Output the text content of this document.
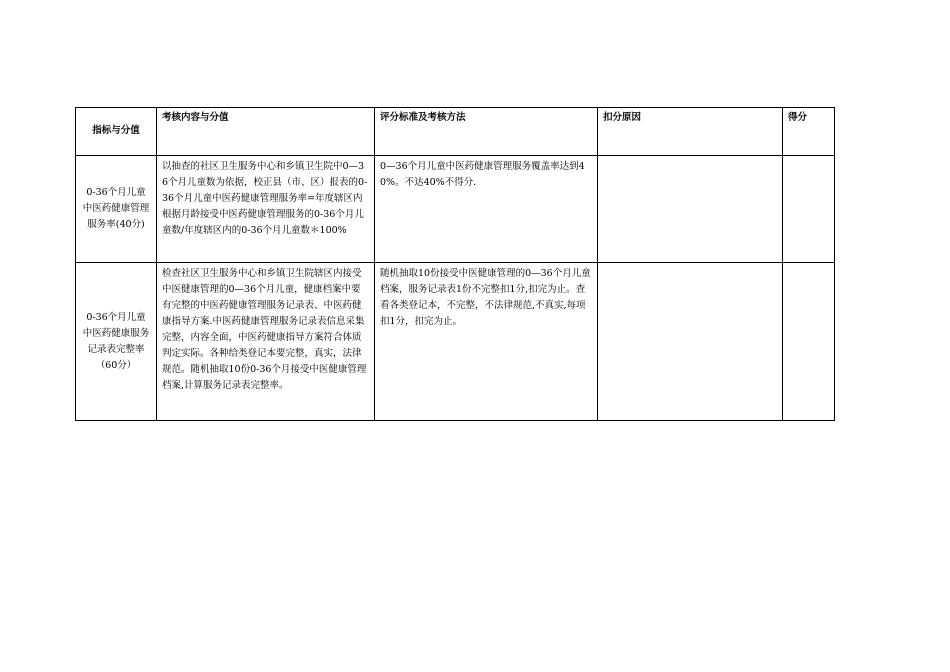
指标与分值	考核内容与分值	评分标准及考核方法	扣分原因	得分
0-36个月儿童中医药健康管理服务率(40分)	以抽查的社区卫生服务中心和乡镇卫生院中0—36个月儿童数为依据，校正县（市、区）报表的0-36个月儿童中医药健康管理服务率=年度辖区内根据月龄接受中医药健康管理服务的0-36个月儿童数/年度辖区内的0-36个月儿童数＊100%	0—36个月儿童中医药健康管理服务覆盖率达到40%。不达40%不得分.		
0-36个月儿童中医药健康服务记录表完整率（60分）	检查社区卫生服务中心和乡镇卫生院辖区内接受中医健康管理的0—36个月儿童，健康档案中要有完整的中医药健康管理服务记录表、中医药健康指导方案.中医药健康管理服务记录表信息采集完整，内容全面，中医药健康指导方案符合体质判定实际。各种给类登记本要完整，真实，法律规范。随机抽取10份0-36个月接受中医健康管理档案,计算服务记录表完整率。	随机抽取10份接受中医健康管理的0—36个月儿童档案，服务记录表1份不完整扣1分,扣完为止。查看各类登记本，不完整，不法律规范,不真实,每项扣1分，扣完为止。		
